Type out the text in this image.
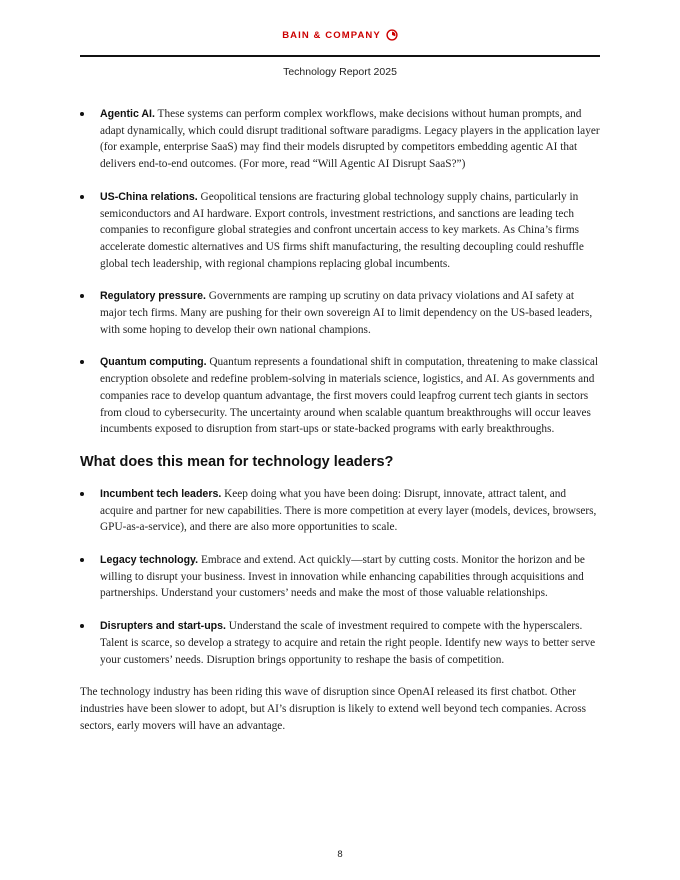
BAIN & COMPANY
Technology Report 2025
Agentic AI. These systems can perform complex workflows, make decisions without human prompts, and adapt dynamically, which could disrupt traditional software paradigms. Legacy players in the application layer (for example, enterprise SaaS) may find their models disrupted by competitors embedding agentic AI that delivers end-to-end outcomes. (For more, read “Will Agentic AI Disrupt SaaS?”)
US-China relations. Geopolitical tensions are fracturing global technology supply chains, particularly in semiconductors and AI hardware. Export controls, investment restrictions, and sanctions are leading tech companies to reconfigure global strategies and confront uncertain access to key markets. As China’s firms accelerate domestic alternatives and US firms shift manufacturing, the resulting decoupling could reshuffle global tech leadership, with regional champions replacing global incumbents.
Regulatory pressure. Governments are ramping up scrutiny on data privacy violations and AI safety at major tech firms. Many are pushing for their own sovereign AI to limit dependency on the US-based leaders, with some hoping to develop their own national champions.
Quantum computing. Quantum represents a foundational shift in computation, threatening to make classical encryption obsolete and redefine problem-solving in materials science, logistics, and AI. As governments and companies race to develop quantum advantage, the first movers could leapfrog current tech giants in sectors from cloud to cybersecurity. The uncertainty around when scalable quantum breakthroughs will occur leaves incumbents exposed to disruption from start-ups or state-backed programs with early breakthroughs.
What does this mean for technology leaders?
Incumbent tech leaders. Keep doing what you have been doing: Disrupt, innovate, attract talent, and acquire and partner for new capabilities. There is more competition at every layer (models, devices, browsers, GPU-as-a-service), and there are also more opportunities to scale.
Legacy technology. Embrace and extend. Act quickly—start by cutting costs. Monitor the horizon and be willing to disrupt your business. Invest in innovation while enhancing capabilities through acquisitions and partnerships. Understand your customers’ needs and make the most of those valuable relationships.
Disrupters and start-ups. Understand the scale of investment required to compete with the hyperscalers. Talent is scarce, so develop a strategy to acquire and retain the right people. Identify new ways to better serve your customers’ needs. Disruption brings opportunity to reshape the basis of competition.

The technology industry has been riding this wave of disruption since OpenAI released its first chatbot. Other industries have been slower to adopt, but AI’s disruption is likely to extend well beyond tech companies. Across sectors, early movers will have an advantage.

8
